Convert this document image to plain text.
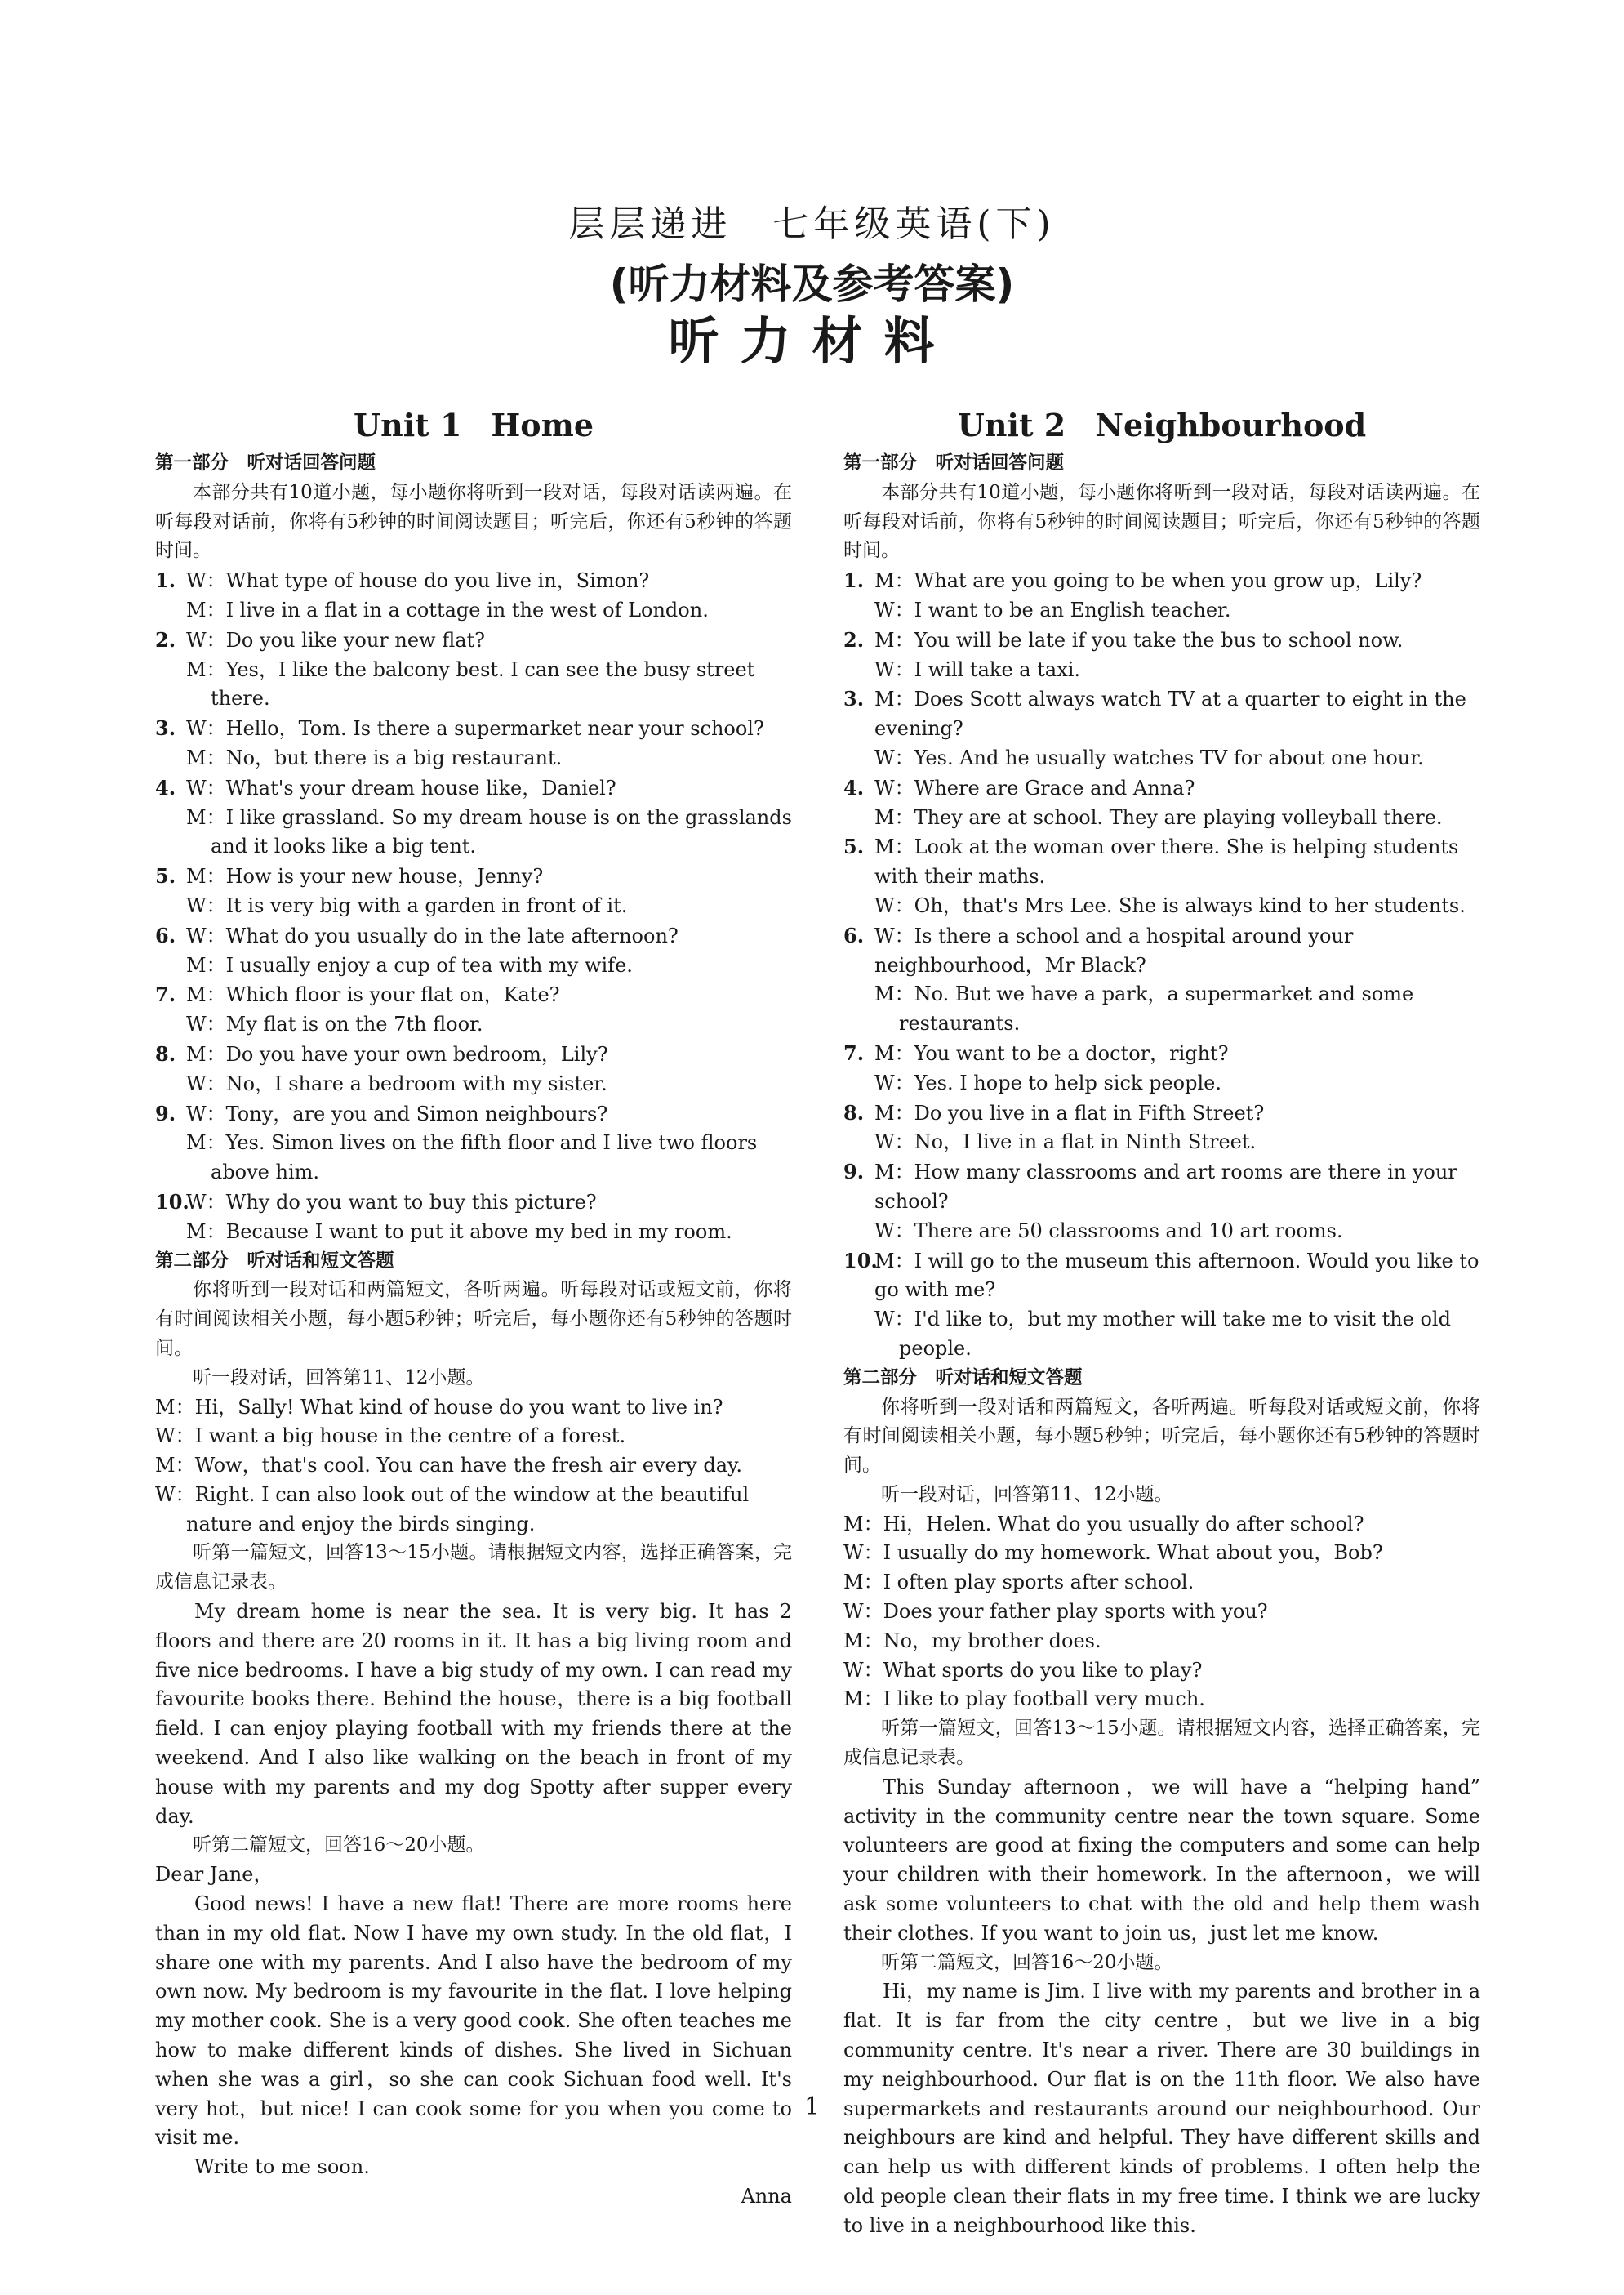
层层递进　七年级英语(下)
(听力材料及参考答案)
听力材料
Unit 1 Home
第一部分　听对话回答问题
本部分共有10道小题，每小题你将听到一段对话，每段对话读两遍。在听每段对话前，你将有5秒钟的时间阅读题目；听完后，你还有5秒钟的答题时间。
1. W：What type of house do you live in，Simon?
M：I live in a flat in a cottage in the west of London.
2. W：Do you like your new flat?
M：Yes，I like the balcony best. I can see the busy street there.
3. W：Hello，Tom. Is there a supermarket near your school?
M：No，but there is a big restaurant.
4. W：What's your dream house like，Daniel?
M：I like grassland. So my dream house is on the grasslands and it looks like a big tent.
5. M：How is your new house，Jenny?
W：It is very big with a garden in front of it.
6. W：What do you usually do in the late afternoon?
M：I usually enjoy a cup of tea with my wife.
7. M：Which floor is your flat on，Kate?
W：My flat is on the 7th floor.
8. M：Do you have your own bedroom，Lily?
W：No，I share a bedroom with my sister.
9. W：Tony，are you and Simon neighbours?
M：Yes. Simon lives on the fifth floor and I live two floors above him.
10.W：Why do you want to buy this picture?
M：Because I want to put it above my bed in my room.
第二部分　听对话和短文答题
你将听到一段对话和两篇短文，各听两遍。听每段对话或短文前，你将有时间阅读相关小题，每小题5秒钟；听完后，每小题你还有5秒钟的答题时间。
听一段对话，回答第11、12小题。
M：Hi，Sally! What kind of house do you want to live in?
W：I want a big house in the centre of a forest.
M：Wow，that's cool. You can have the fresh air every day.
W：Right. I can also look out of the window at the beautiful nature and enjoy the birds singing.
听第一篇短文，回答13～15小题。请根据短文内容，选择正确答案，完成信息记录表。
My dream home is near the sea. It is very big. It has 2 floors and there are 20 rooms in it. It has a big living room and five nice bedrooms. I have a big study of my own. I can read my favourite books there. Behind the house，there is a big football field. I can enjoy playing football with my friends there at the weekend. And I also like walking on the beach in front of my house with my parents and my dog Spotty after supper every day.
听第二篇短文，回答16～20小题。
Dear Jane，
Good news! I have a new flat! There are more rooms here than in my old flat. Now I have my own study. In the old flat，I share one with my parents. And I also have the bedroom of my own now. My bedroom is my favourite in the flat. I love helping my mother cook. She is a very good cook. She often teaches me how to make different kinds of dishes. She lived in Sichuan when she was a girl，so she can cook Sichuan food well. It's very hot，but nice! I can cook some for you when you come to visit me.
Write to me soon.
Anna
Unit 2 Neighbourhood
第一部分　听对话回答问题
本部分共有10道小题，每小题你将听到一段对话，每段对话读两遍。在听每段对话前，你将有5秒钟的时间阅读题目；听完后，你还有5秒钟的答题时间。
1. M：What are you going to be when you grow up，Lily?
W：I want to be an English teacher.
2. M：You will be late if you take the bus to school now.
W：I will take a taxi.
3. M：Does Scott always watch TV at a quarter to eight in the evening?
W：Yes. And he usually watches TV for about one hour.
4. W：Where are Grace and Anna?
M：They are at school. They are playing volleyball there.
5. M：Look at the woman over there. She is helping students with their maths.
W：Oh，that's Mrs Lee. She is always kind to her students.
6. W：Is there a school and a hospital around your neighbourhood，Mr Black?
M：No. But we have a park，a supermarket and some restaurants.
7. M：You want to be a doctor，right?
W：Yes. I hope to help sick people.
8. M：Do you live in a flat in Fifth Street?
W：No，I live in a flat in Ninth Street.
9. M：How many classrooms and art rooms are there in your school?
W：There are 50 classrooms and 10 art rooms.
10.M：I will go to the museum this afternoon. Would you like to go with me?
W：I'd like to，but my mother will take me to visit the old people.
第二部分　听对话和短文答题
你将听到一段对话和两篇短文，各听两遍。听每段对话或短文前，你将有时间阅读相关小题，每小题5秒钟；听完后，每小题你还有5秒钟的答题时间。
听一段对话，回答第11、12小题。
M：Hi，Helen. What do you usually do after school?
W：I usually do my homework. What about you，Bob?
M：I often play sports after school.
W：Does your father play sports with you?
M：No，my brother does.
W：What sports do you like to play?
M：I like to play football very much.
听第一篇短文，回答13～15小题。请根据短文内容，选择正确答案，完成信息记录表。
This Sunday afternoon，we will have a “helping hand” activity in the community centre near the town square. Some volunteers are good at fixing the computers and some can help your children with their homework. In the afternoon，we will ask some volunteers to chat with the old and help them wash their clothes. If you want to join us，just let me know.
听第二篇短文，回答16～20小题。
Hi，my name is Jim. I live with my parents and brother in a flat. It is far from the city centre，but we live in a big community centre. It's near a river. There are 30 buildings in my neighbourhood. Our flat is on the 11th floor. We also have supermarkets and restaurants around our neighbourhood. Our neighbours are kind and helpful. They have different skills and can help us with different kinds of problems. I often help the old people clean their flats in my free time. I think we are lucky to live in a neighbourhood like this.
1
